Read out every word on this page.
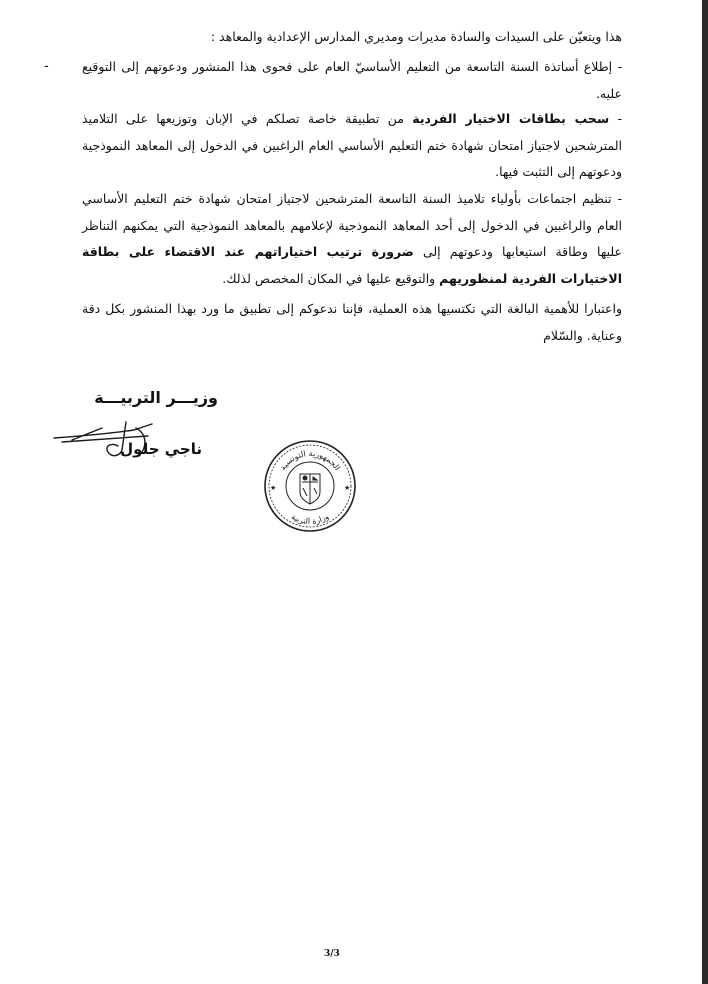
هذا ويتعيّن على السيدات والسادة مديرات ومديري المدارس الإعدادية والمعاهد :
-	- إطلاع أساتذة السنة التاسعة من التعليم الأساسيّ العام على فحوى هذا المنشور ودعوتهم إلى التوقيع عليه.
- سحب بطاقات الاختيار الفردية من تطبيقة خاصة تصلكم في الإبان وتوزيعها على التلاميذ المترشحين لاجتياز امتحان شهادة ختم التعليم الأساسي العام الراغبين في الدخول إلى المعاهد النموذجية ودعوتهم إلى التثبت فيها.
- تنظيم اجتماعات بأولياء تلاميذ السنة التاسعة المترشحين لاجتياز امتحان شهادة ختم التعليم الأساسي العام والراغبين في الدخول إلى أحد المعاهد النموذجية لإعلامهم بالمعاهد النموذجية التي يمكنهم التناظر عليها وطاقة استيعابها ودعوتهم إلى ضرورة ترتيب اختياراتهم عند الاقتضاء على بطاقة الاختيارات الفردية لمنظوريهم والتوقيع عليها في المكان المخصص لذلك.
واعتبارا للأهمية البالغة التي تكتسيها هذه العملية، فإننا ندعوكم إلى تطبيق ما ورد بهذا المنشور بكل دقة وعناية. والسّلام
وزيـــر التربيـــة
ناجي جلول
الجمهورية التونسية
وزارة التربية
★	★
3/3
